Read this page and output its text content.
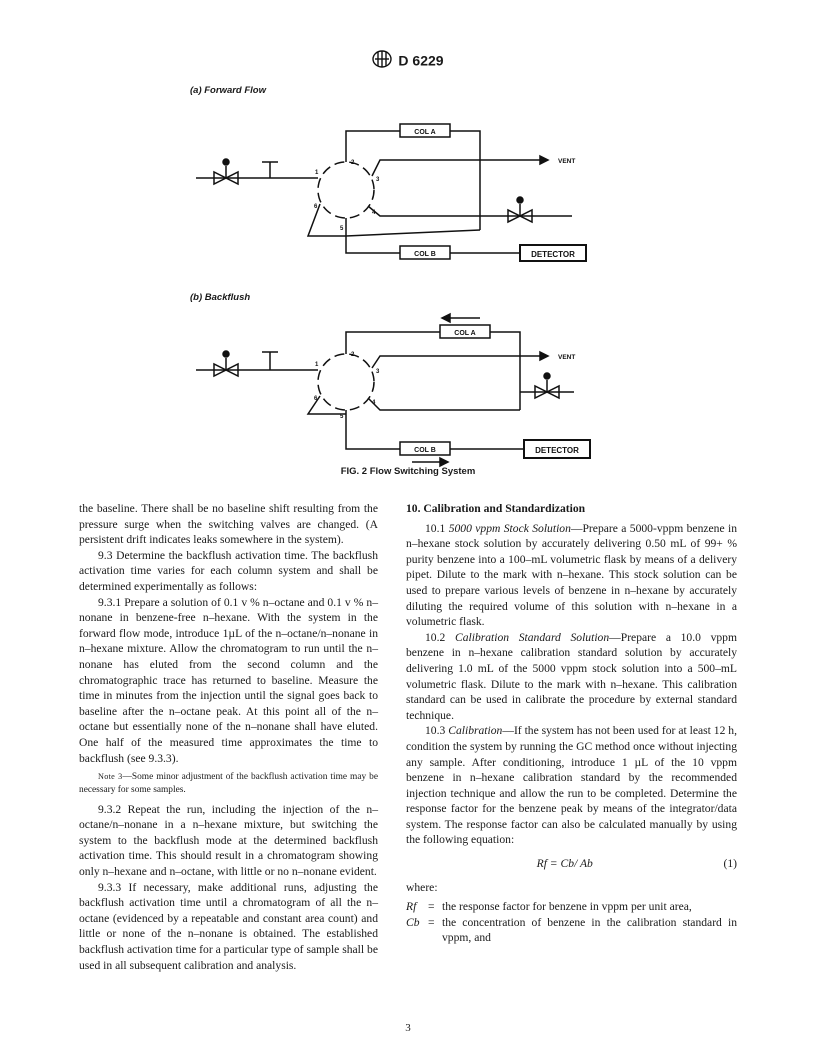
D 6229
(a) Forward Flow
(b) Backflush
COL A
VENT
COL B	DETECTOR
1
2
3
4
5
6
COL A
VENT
COL B	DETECTOR
1
2
3
4
5
6
FIG. 2 Flow Switching System

the baseline. There shall be no baseline shift resulting from the pressure surge when the switching valves are changed. (A persistent drift indicates leaks somewhere in the system).

9.3 Determine the backflush activation time. The backflush activation time varies for each column system and shall be determined experimentally as follows:

9.3.1 Prepare a solution of 0.1 v % n–octane and 0.1 v % n–nonane in benzene-free n–hexane. With the system in the forward flow mode, introduce 1µL of the n–octane/n–nonane in n–hexane mixture. Allow the chromatogram to run until the n–nonane has eluted from the second column and the chromatographic trace has returned to baseline. Measure the time in minutes from the injection until the signal goes back to baseline after the n–octane peak. At this point all of the n–octane but essentially none of the n–nonane shall have eluted. One half of the measured time approximates the time to backflush (see 9.3.3).

Note 3—Some minor adjustment of the backflush activation time may be necessary for some samples.

9.3.2 Repeat the run, including the injection of the n–octane/n–nonane in a n–hexane mixture, but switching the system to the backflush mode at the determined backflush activation time. This should result in a chromatogram showing only n–hexane and n–octane, with little or no n–nonane evident.

9.3.3 If necessary, make additional runs, adjusting the backflush activation time until a chromatogram of all the n–octane (evidenced by a repeatable and constant area count) and little or none of the n–nonane is obtained. The established backflush activation time for a particular type of sample shall be used in all subsequent calibration and analysis.

10. Calibration and Standardization

10.1 5000 vppm Stock Solution—Prepare a 5000-vppm benzene in n–hexane stock solution by accurately delivering 0.50 mL of 99+ % purity benzene into a 100–mL volumetric flask by means of a delivery pipet. Dilute to the mark with n–hexane. This stock solution can be used to prepare various levels of benzene in n–hexane by accurately diluting the required volume of this solution with n–hexane in a volumetric flask.

10.2 Calibration Standard Solution—Prepare a 10.0 vppm benzene in n–hexane calibration standard solution by accurately delivering 1.0 mL of the 5000 vppm stock solution into a 500–mL volumetric flask. Dilute to the mark with n–hexane. This calibration standard can be used in calibrate the procedure by external standard technique.

10.3 Calibration—If the system has not been used for at least 12 h, condition the system by running the GC method once without injecting any sample. After conditioning, introduce 1 µL of the 10 vppm benzene in n–hexane calibration standard by the recommended injection technique and allow the run to be completed. Determine the response factor for the benzene peak by means of the integrator/data system. The response factor can also be calculated manually by using the following equation:

Rf = Cb/ Ab	(1)

where:

Rf	= the response factor for benzene in vppm per unit area,
Cb = the concentration of benzene in the calibration standard in vppm, and
3
